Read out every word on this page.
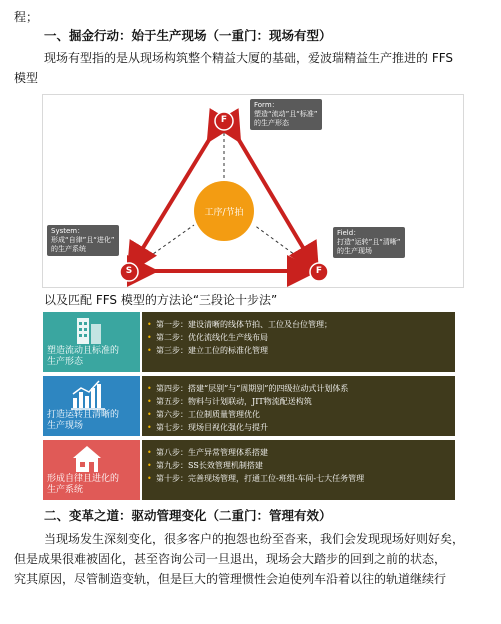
程；
一、掘金行动：始于生产现场（一重门：现场有型）
现场有型指的是从现场构筑整个精益大厦的基础，爱波瑞精益生产推进的 FFS
模型
工序/节拍
F
S	F
Form：
塑造“流动”且“标准”
的生产形态
System：
形成“自律”且“进化”
的生产系统
Field：
打造“运转”且“清晰”
的生产现场
以及匹配 FFS 模型的方法论“三段论十步法”
塑造流动且标准的
生产形态
• 第一步：建设清晰的线体节拍、工位及台位管理；
• 第二步：优化流线化生产线布局
• 第三步：建立工位的标准化管理
打造运转且清晰的
生产现场
• 第四步：搭建“层别”与“周期别”的四级拉动式计划体系
• 第五步：物料与计划联动，JIT物流配送构筑
• 第六步：工位制质量管理优化
• 第七步：现场目视化强化与提升
形成自律且进化的
生产系统
• 第八步：生产异常管理体系搭建
• 第九步：SS长效管理机制搭建
• 第十步：完善现场管理，打通工位-班组-车间-七大任务管理
二、变革之道：驱动管理变化（二重门：管理有效）
当现场发生深刻变化，很多客户的抱怨也纷至沓来，我们会发现现场好则好矣，
但是成果很难被固化，甚至咨询公司一旦退出，现场会大踏步的回到之前的状态，
究其原因，尽管制造变轨，但是巨大的管理惯性会迫使列车沿着以往的轨道继续行
